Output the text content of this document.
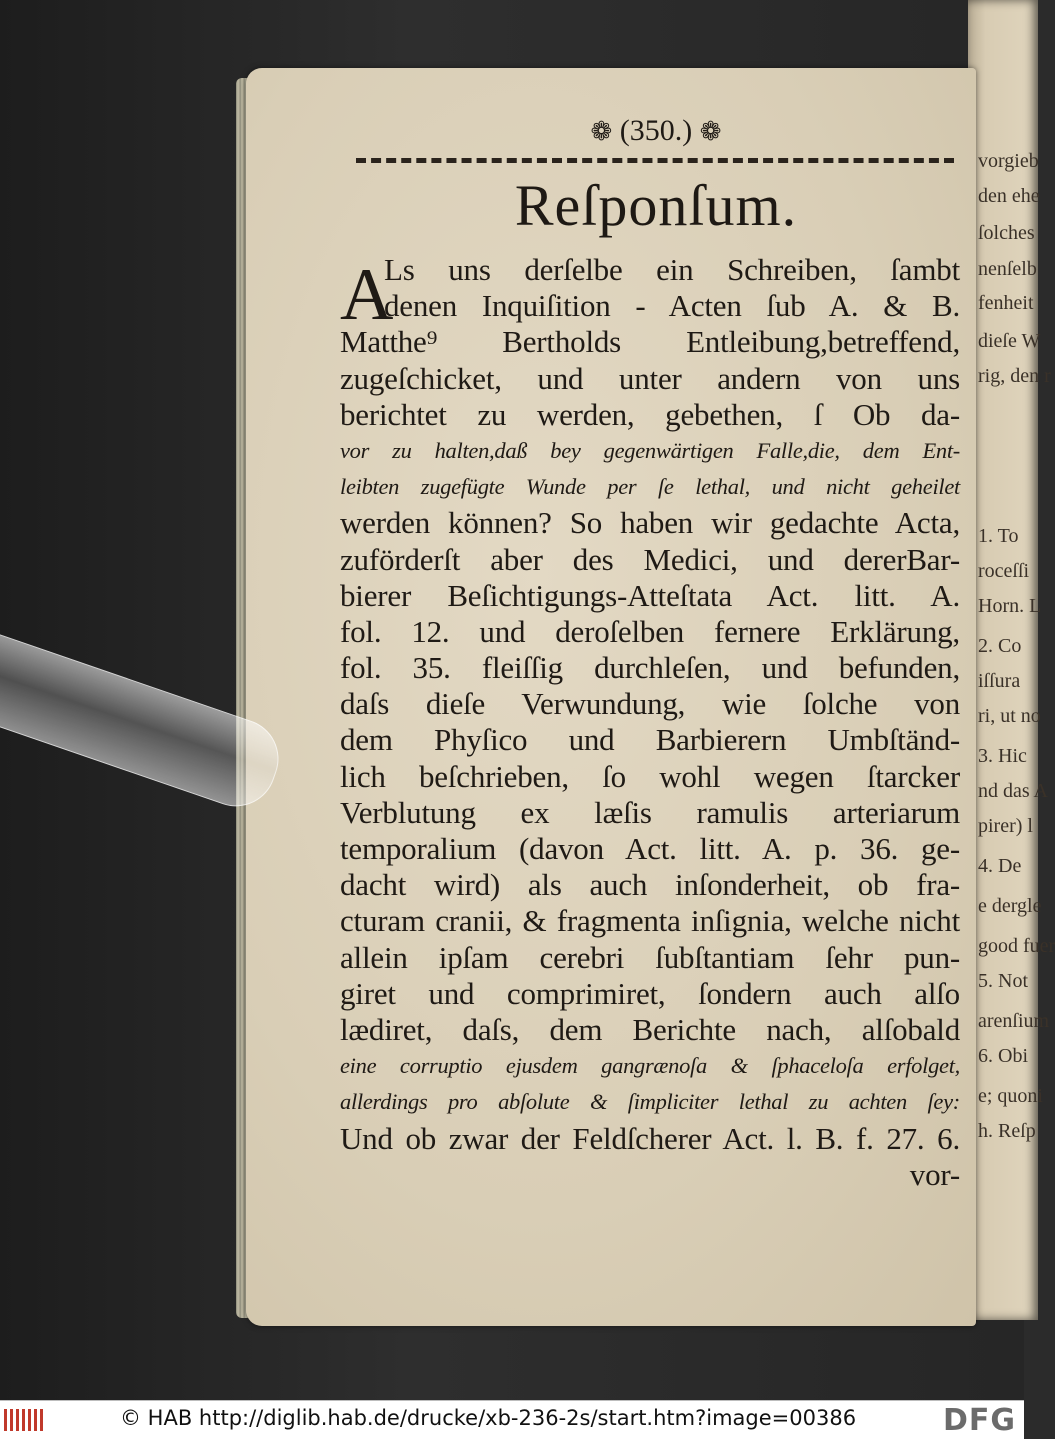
vorgieb
den ehe
ſolches
nenſelb
fenheit
dieſe W
rig, den r
1. To
roceſſi
Horn. L
2. Co
iſſura
ri, ut no
3. Hic
nd das A
pirer) l
4. De
e dergle
good fuer
5. Not
arenſium
6. Obi
e; quoni
h. Reſp
❁ (350.) ❁
Reſponſum.
A
Ls uns derſelbe ein Schreiben, ſambt
denen Inquiſition - Acten ſub A. & B.
Matthe⁹ Bertholds Entleibung,betreffend,
zugeſchicket, und unter andern von uns
berichtet zu werden, gebethen, ſ Ob da-
vor zu halten,daß bey gegenwärtigen Falle,die, dem Ent-
leibten zugefügte Wunde per ſe lethal, und nicht geheilet
werden können? So haben wir gedachte Acta,
zuförderſt aber des Medici, und dererBar-
bierer Beſichtigungs-Atteſtata Act. litt. A.
fol. 12. und deroſelben fernere Erklärung,
fol. 35. fleiſſig durchleſen, und befunden,
daſs dieſe Verwundung, wie ſolche von
dem Phyſico und Barbierern Umbſtänd-
lich beſchrieben, ſo wohl wegen ſtarcker
Verblutung ex læſis ramulis arteriarum
temporalium (davon Act. litt. A. p. 36. ge-
dacht wird) als auch inſonderheit, ob fra-
cturam cranii, & fragmenta inſignia, welche nicht
allein ipſam cerebri ſubſtantiam ſehr pun-
giret und comprimiret, ſondern auch alſo
lædiret, daſs, dem Berichte nach, alſobald
eine corruptio ejusdem gangrænoſa & ſphaceloſa erfolget,
allerdings pro abſolute & ſimpliciter lethal zu achten ſey:
Und ob zwar der Feldſcherer Act. l. B. f. 27. 6.
vor-
© HAB http://diglib.hab.de/drucke/xb-236-2s/start.htm?image=00386	DFG
